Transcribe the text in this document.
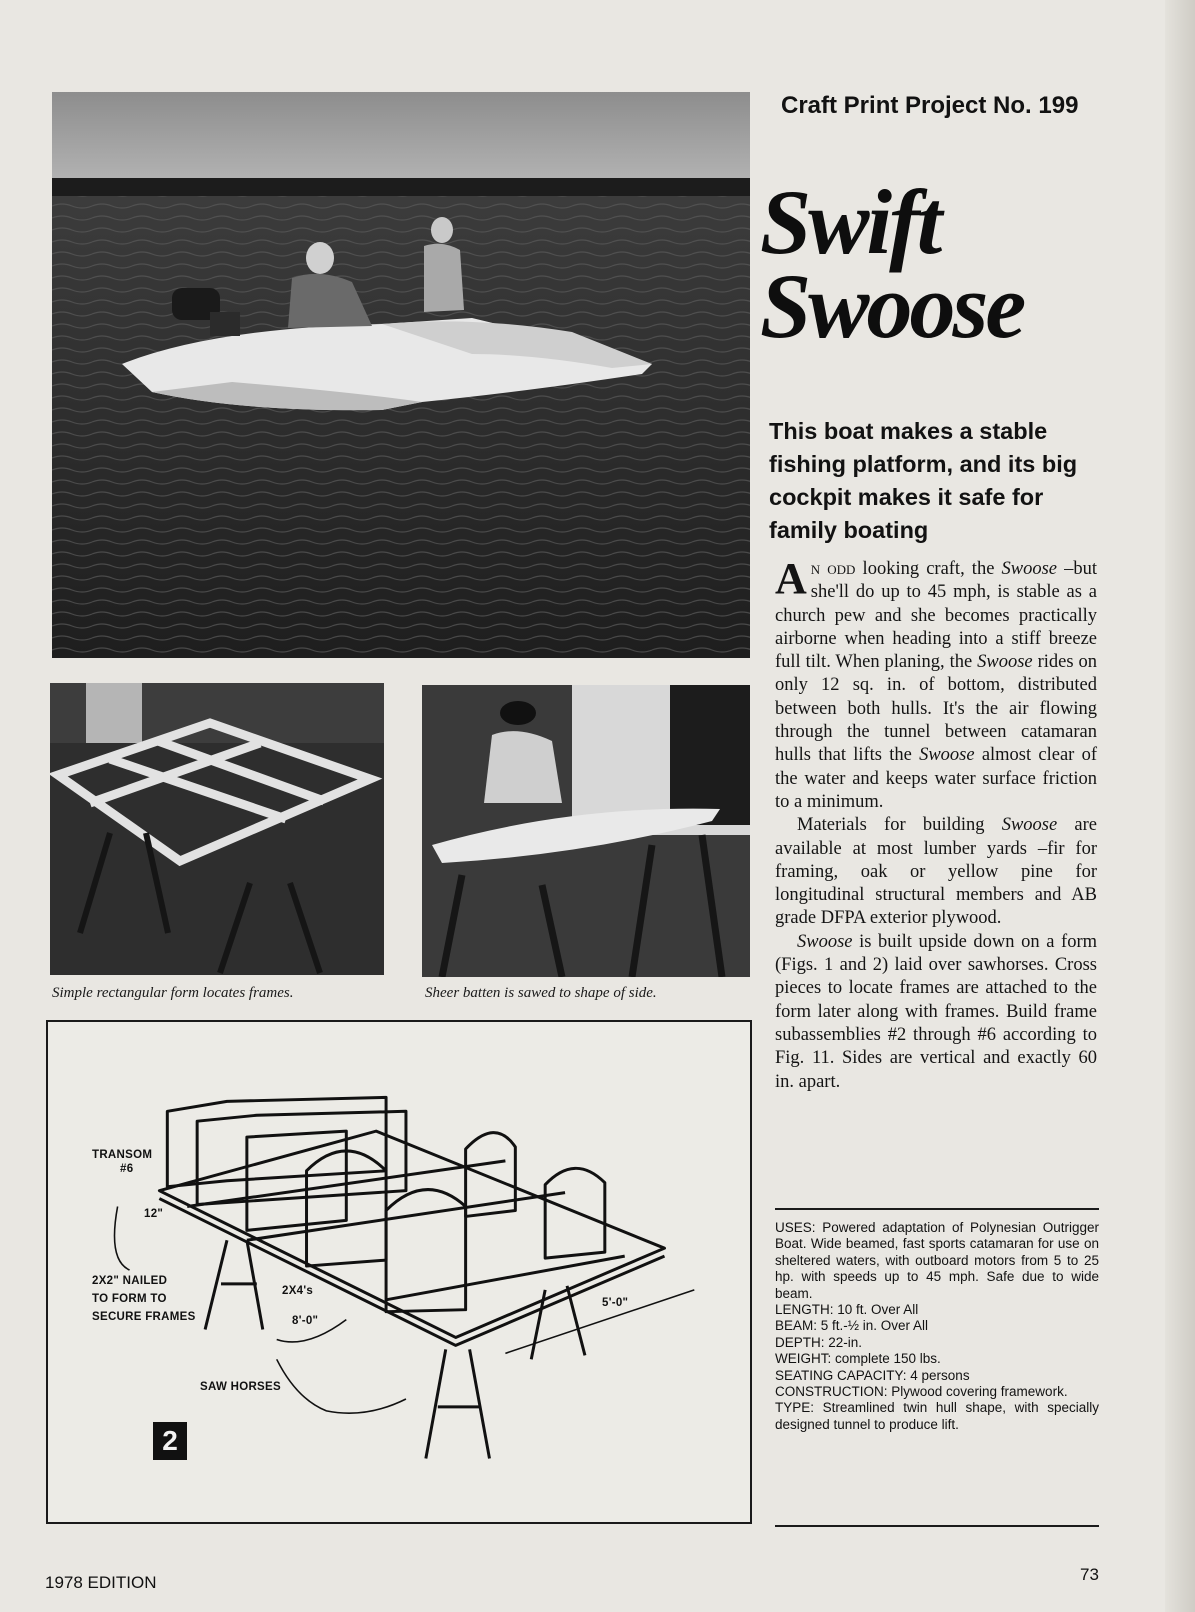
Simple rectangular form locates frames.	Sheer batten is sawed to shape of side.
TRANSOM
#6
12"
2X2" NAILED
TO FORM TO
SECURE FRAMES
2X4's
8'-0"
5'-0"
SAW HORSES
2
Craft Print Project No. 199
Swift
Swoose
This boat makes a stable fishing platform, and its big cockpit makes it safe for family boating

An odd looking craft, the Swoose –but she'll do up to 45 mph, is stable as a church pew and she becomes practically airborne when heading into a stiff breeze full tilt. When planing, the Swoose rides on only 12 sq. in. of bottom, distributed between both hulls. It's the air flowing through the tunnel between catamaran hulls that lifts the Swoose almost clear of the water and keeps water surface friction to a minimum.

Materials for building Swoose are available at most lumber yards –fir for framing, oak or yellow pine for longitudinal structural members and AB grade DFPA exterior plywood.

Swoose is built upside down on a form (Figs. 1 and 2) laid over sawhorses. Cross pieces to locate frames are attached to the form later along with frames. Build frame subassemblies #2 through #6 according to Fig. 11. Sides are vertical and exactly 60 in. apart.

USES: Powered adaptation of Polynesian Outrigger Boat. Wide beamed, fast sports catamaran for use on sheltered waters, with outboard motors from 5 to 25 hp. with speeds up to 45 mph. Safe due to wide beam.
LENGTH: 10 ft. Over All
BEAM: 5 ft.-½ in. Over All
DEPTH: 22-in.
WEIGHT: complete 150 lbs.
SEATING CAPACITY: 4 persons
CONSTRUCTION: Plywood covering framework.
TYPE: Streamlined twin hull shape, with specially designed tunnel to produce lift.
1978 EDITION	73
